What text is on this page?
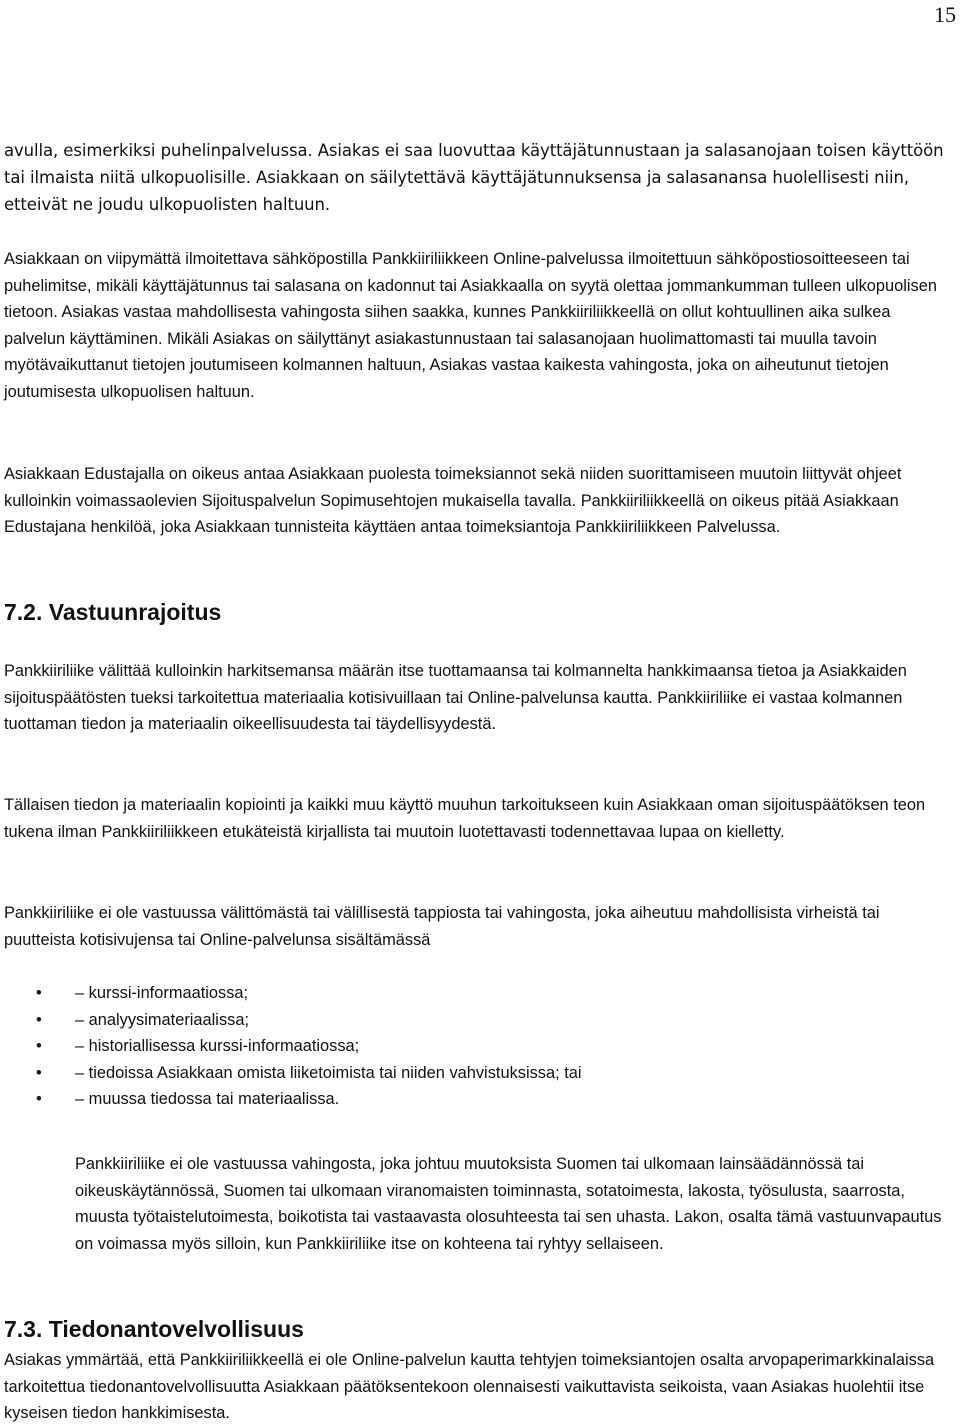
15

avulla, esimerkiksi puhelinpalvelussa. Asiakas ei saa luovuttaa käyttäjätunnustaan ja salasanojaan toisen käyttöön tai ilmaista niitä ulkopuolisille. Asiakkaan on säilytettävä käyttäjätunnuksensa ja salasanansa huolellisesti niin, etteivät ne joudu ulkopuolisten haltuun.

Asiakkaan on viipymättä ilmoitettava sähköpostilla Pankkiiriliikkeen Online-palvelussa ilmoitettuun sähköpostiosoitteeseen tai puhelimitse, mikäli käyttäjätunnus tai salasana on kadonnut tai Asiakkaalla on syytä olettaa jommankumman tulleen ulkopuolisen tietoon. Asiakas vastaa mahdollisesta vahingosta siihen saakka, kunnes Pankkiiriliikkeellä on ollut kohtuullinen aika sulkea palvelun käyttäminen. Mikäli Asiakas on säilyttänyt asiakastunnustaan tai salasanojaan huolimattomasti tai muulla tavoin myötävaikuttanut tietojen joutumiseen kolmannen haltuun, Asiakas vastaa kaikesta vahingosta, joka on aiheutunut tietojen joutumisesta ulkopuolisen haltuun.

Asiakkaan Edustajalla on oikeus antaa Asiakkaan puolesta toimeksiannot sekä niiden suorittamiseen muutoin liittyvät ohjeet kulloinkin voimassaolevien Sijoituspalvelun Sopimusehtojen mukaisella tavalla. Pankkiiriliikkeellä on oikeus pitää Asiakkaan Edustajana henkilöä, joka Asiakkaan tunnisteita käyttäen antaa toimeksiantoja Pankkiiriliikkeen Palvelussa.

7.2. Vastuunrajoitus

Pankkiiriliike välittää kulloinkin harkitsemansa määrän itse tuottamaansa tai kolmannelta hankkimaansa tietoa ja Asiakkaiden sijoituspäätösten tueksi tarkoitettua materiaalia kotisivuillaan tai Online-palvelunsa kautta. Pankkiiriliike ei vastaa kolmannen tuottaman tiedon ja materiaalin oikeellisuudesta tai täydellisyydestä.

Tällaisen tiedon ja materiaalin kopiointi ja kaikki muu käyttö muuhun tarkoitukseen kuin Asiakkaan oman sijoituspäätöksen teon tukena ilman Pankkiiriliikkeen etukäteistä kirjallista tai muutoin luotettavasti todennettavaa lupaa on kielletty.

Pankkiiriliike ei ole vastuussa välittömästä tai välillisestä tappiosta tai vahingosta, joka aiheutuu mahdollisista virheistä tai puutteista kotisivujensa tai Online-palvelunsa sisältämässä

• – kurssi-informaatiossa;
• – analyysimateriaalissa;
• – historiallisessa kurssi-informaatiossa;
• – tiedoissa Asiakkaan omista liiketoimista tai niiden vahvistuksissa; tai
• – muussa tiedossa tai materiaalissa.

Pankkiiriliike ei ole vastuussa vahingosta, joka johtuu muutoksista Suomen tai ulkomaan lainsäädännössä tai oikeuskäytännössä, Suomen tai ulkomaan viranomaisten toiminnasta, sotatoimesta, lakosta, työsulusta, saarrosta, muusta työtaistelutoimesta, boikotista tai vastaavasta olosuhteesta tai sen uhasta. Lakon, osalta tämä vastuunvapautus on voimassa myös silloin, kun Pankkiiriliike itse on kohteena tai ryhtyy sellaiseen.

7.3. Tiedonantovelvollisuus

Asiakas ymmärtää, että Pankkiiriliikkeellä ei ole Online-palvelun kautta tehtyjen toimeksiantojen osalta arvopaperimarkkinalaissa tarkoitettua tiedonantovelvollisuutta Asiakkaan päätöksentekoon olennaisesti vaikuttavista seikoista, vaan Asiakas huolehtii itse kyseisen tiedon hankkimisesta.
